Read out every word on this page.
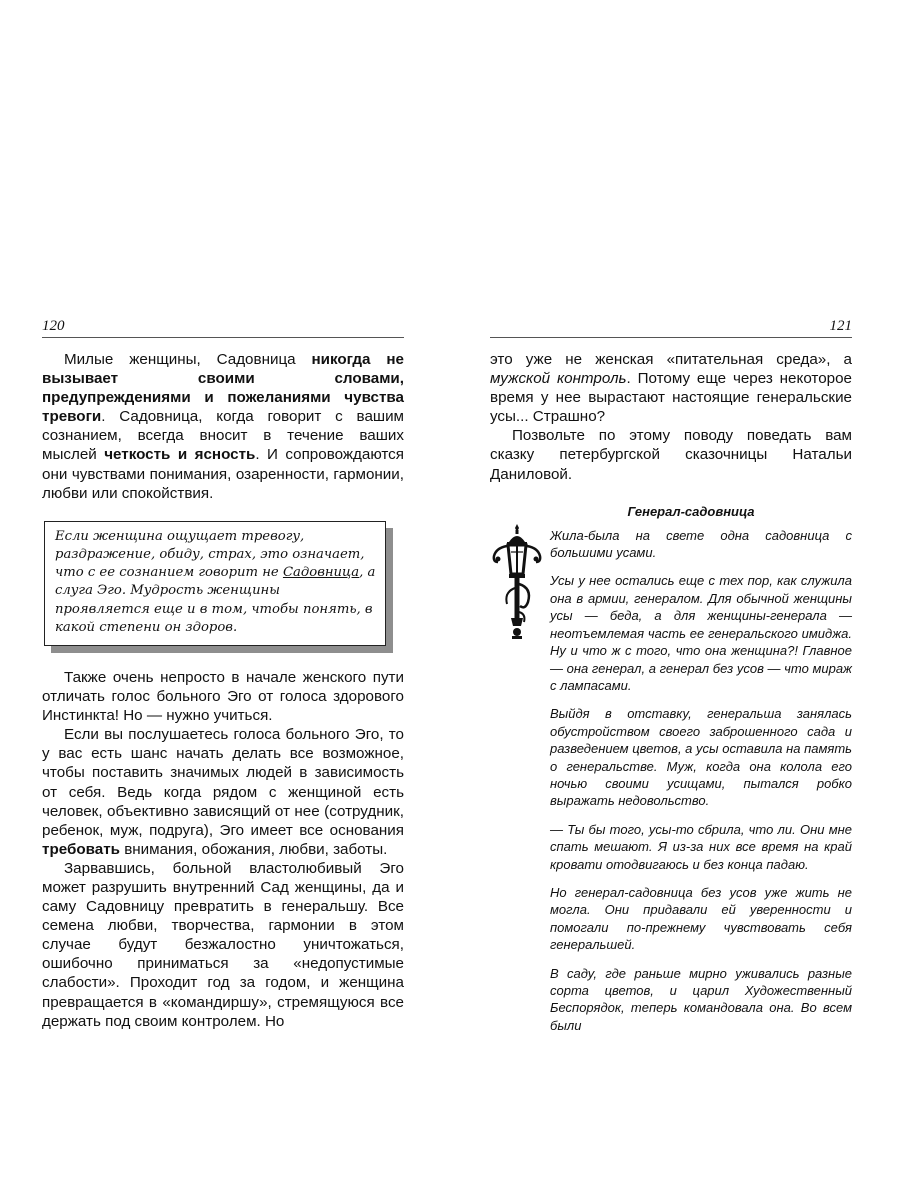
120

Милые женщины, Садовница никогда не вызывает своими словами, предупреждениями и пожеланиями чувства тревоги. Садовница, когда говорит с вашим сознанием, всегда вносит в течение ваших мыслей четкость и ясность. И сопровождаются они чувствами понимания, озаренности, гармонии, любви или спокойствия.

Если женщина ощущает тревогу, раздражение, обиду, страх, это означает, что с ее сознанием говорит не Садовница, а слуга Эго. Мудрость женщины проявляется еще и в том, чтобы понять, в какой степени он здоров.

Также очень непросто в начале женского пути отличать голос больного Эго от голоса здорового Инстинкта! Но — нужно учиться.

Если вы послушаетесь голоса больного Эго, то у вас есть шанс начать делать все возможное, чтобы поставить значимых людей в зависимость от себя. Ведь когда рядом с женщиной есть человек, объективно зависящий от нее (сотрудник, ребенок, муж, подруга), Эго имеет все основания требовать внимания, обожания, любви, заботы.

Зарвавшись, больной властолюбивый Эго может разрушить внутренний Сад женщины, да и саму Садовницу превратить в генеральшу. Все семена любви, творчества, гармонии в этом случае будут безжалостно уничтожаться, ошибочно приниматься за «недопустимые слабости». Проходит год за годом, и женщина превращается в «командиршу», стремящуюся все держать под своим контролем. Но

121

это уже не женская «питательная среда», а мужской контроль. Потому еще через некоторое время у нее вырастают настоящие генеральские усы... Страшно?

Позвольте по этому поводу поведать вам сказку петербургской сказочницы Натальи Даниловой.

Генерал-садовница

Жила-была на свете одна садовница с большими усами.

Усы у нее остались еще с тех пор, как служила она в армии, генералом. Для обычной женщины усы — беда, а для женщины-генерала — неотъемлемая часть ее генеральского имиджа. Ну и что ж с того, что она женщина?! Главное — она генерал, а генерал без усов — что мираж с лампасами.

Выйдя в отставку, генеральша занялась обустройством своего заброшенного сада и разведением цветов, а усы оставила на память о генеральстве. Муж, когда она колола его ночью своими усищами, пытался робко выражать недовольство.

— Ты бы того, усы-то сбрила, что ли. Они мне спать мешают. Я из-за них все время на край кровати отодвигаюсь и без конца падаю.

Но генерал-садовница без усов уже жить не могла. Они придавали ей уверенности и помогали по-прежнему чувствовать себя генеральшей.

В саду, где раньше мирно уживались разные сорта цветов, и царил Художественный Беспорядок, теперь командовала она. Во всем были
